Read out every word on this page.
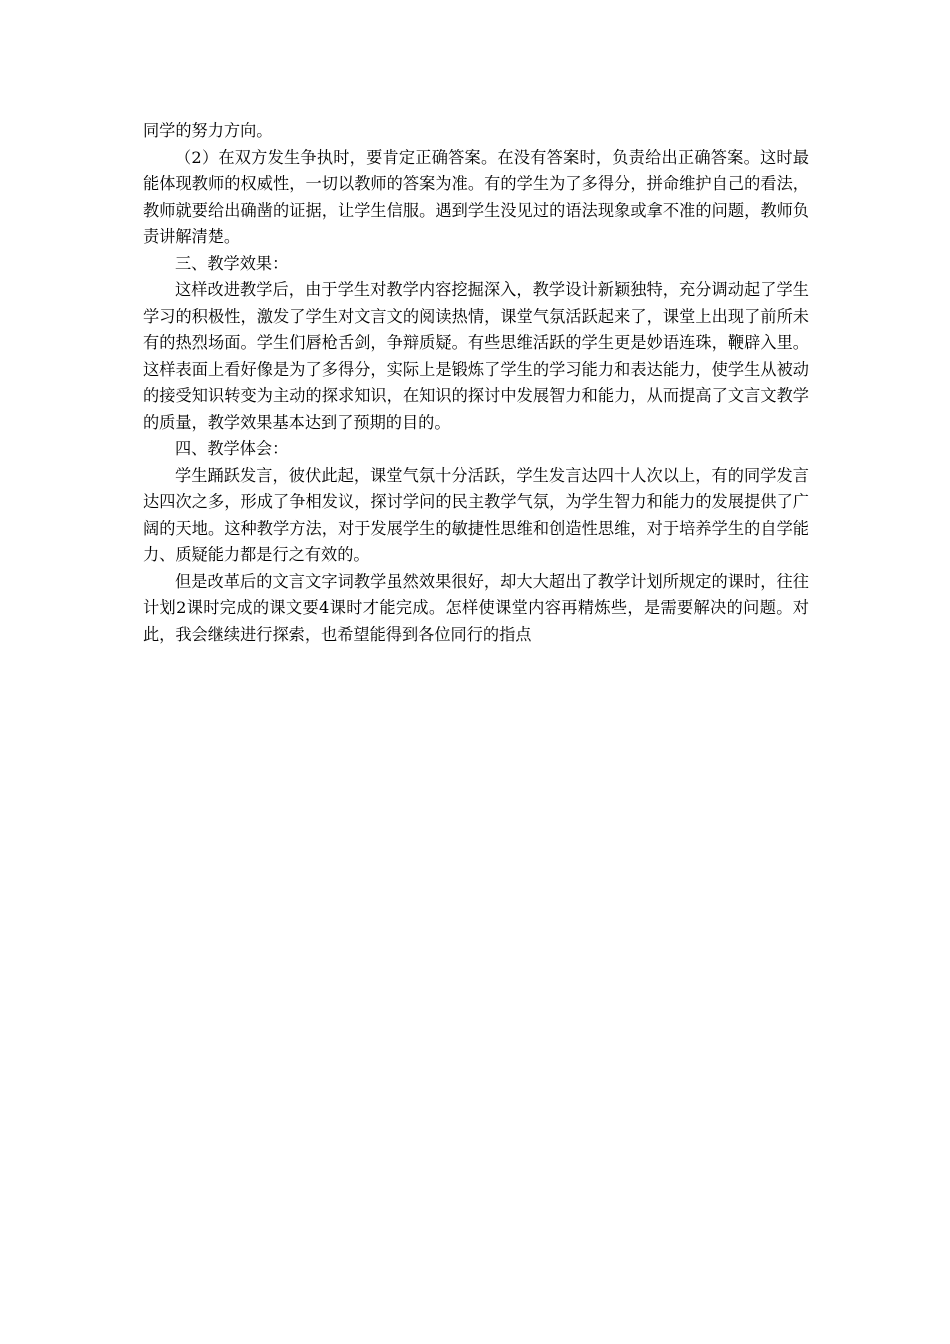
同学的努力方向。

（2）在双方发生争执时，要肯定正确答案。在没有答案时，负责给出正确答案。这时最能体现教师的权威性，一切以教师的答案为准。有的学生为了多得分，拼命维护自己的看法，教师就要给出确凿的证据，让学生信服。遇到学生没见过的语法现象或拿不准的问题，教师负责讲解清楚。

三、教学效果：

这样改进教学后，由于学生对教学内容挖掘深入，教学设计新颖独特，充分调动起了学生学习的积极性，激发了学生对文言文的阅读热情，课堂气氛活跃起来了，课堂上出现了前所未有的热烈场面。学生们唇枪舌剑，争辩质疑。有些思维活跃的学生更是妙语连珠，鞭辟入里。这样表面上看好像是为了多得分，实际上是锻炼了学生的学习能力和表达能力，使学生从被动的接受知识转变为主动的探求知识，在知识的探讨中发展智力和能力，从而提高了文言文教学的质量，教学效果基本达到了预期的目的。

四、教学体会：

学生踊跃发言，彼伏此起，课堂气氛十分活跃，学生发言达四十人次以上，有的同学发言达四次之多，形成了争相发议，探讨学问的民主教学气氛，为学生智力和能力的发展提供了广阔的天地。这种教学方法，对于发展学生的敏捷性思维和创造性思维，对于培养学生的自学能力、质疑能力都是行之有效的。

但是改革后的文言文字词教学虽然效果很好，却大大超出了教学计划所规定的课时，往往计划2课时完成的课文要4课时才能完成。怎样使课堂内容再精炼些，是需要解决的问题。对此，我会继续进行探索，也希望能得到各位同行的指点
